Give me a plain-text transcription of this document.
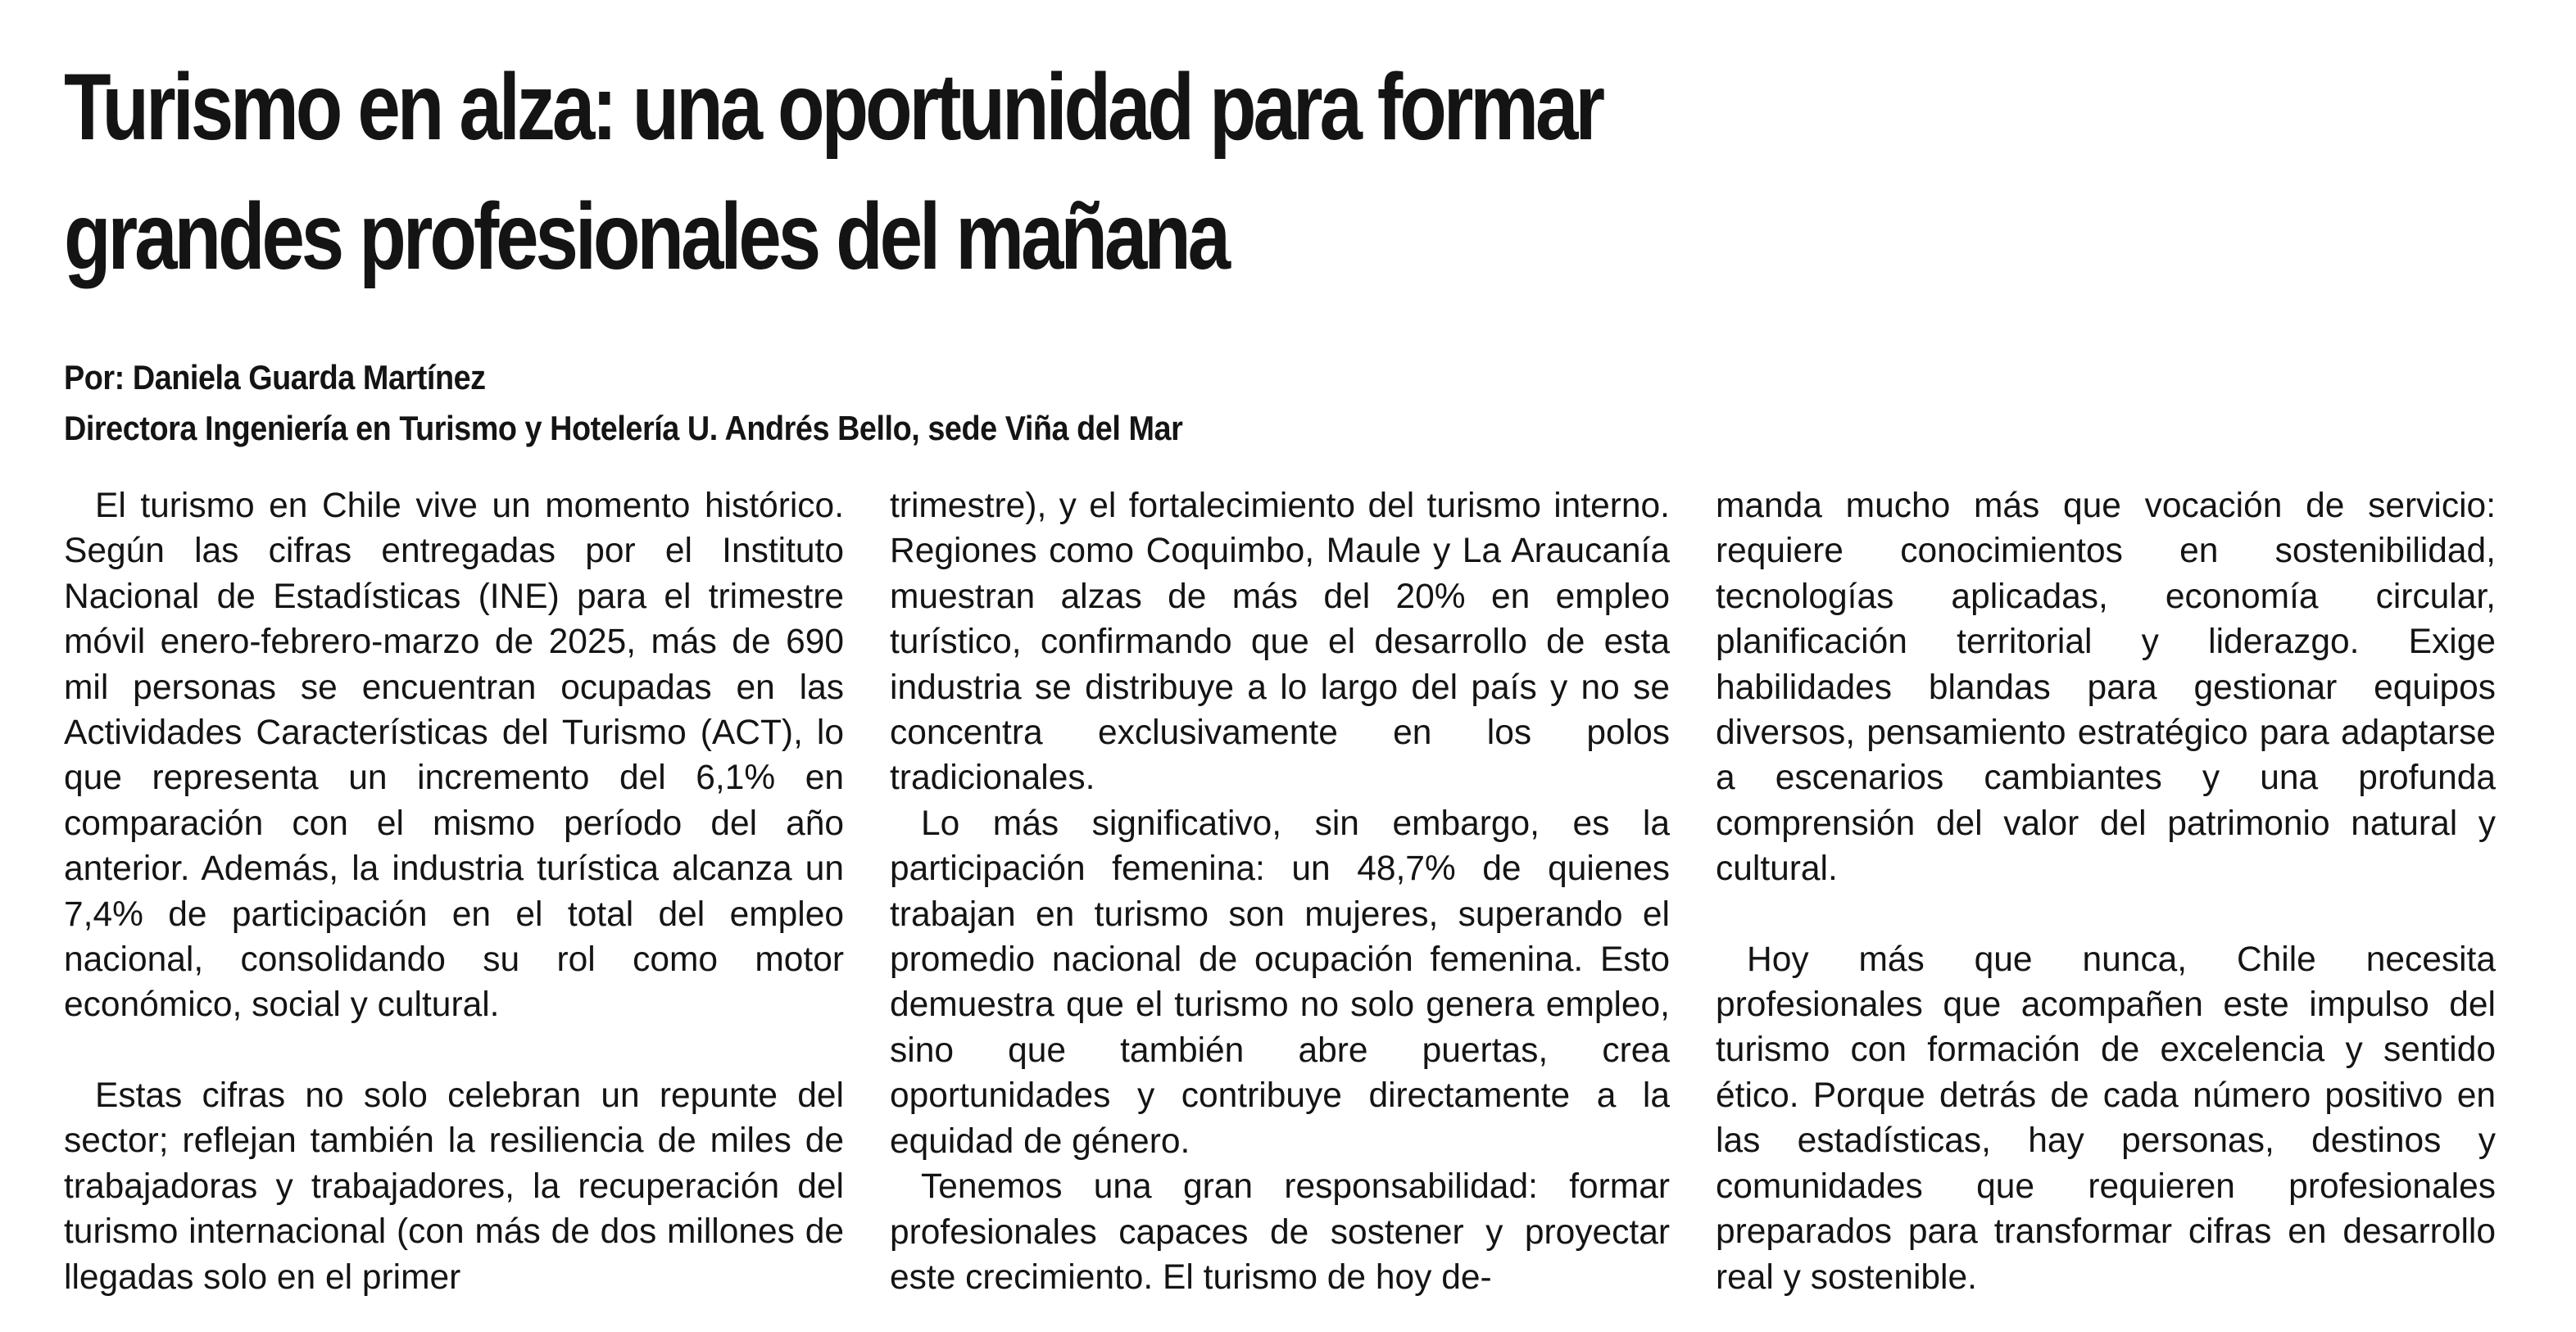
Turismo en alza: una oportunidad para formar grandes profesionales del mañana
Por: Daniela Guarda Martínez
Directora Ingeniería en Turismo y Hotelería U. Andrés Bello, sede Viña del Mar

El turismo en Chile vive un momento histórico. Según las cifras entregadas por el Instituto Nacional de Estadísticas (INE) para el trimestre móvil enero-febrero-marzo de 2025, más de 690 mil personas se encuentran ocupadas en las Actividades Características del Turismo (ACT), lo que representa un incremento del 6,1% en comparación con el mismo período del año anterior. Además, la industria turística alcanza un 7,4% de participación en el total del empleo nacional, consolidando su rol como motor económico, social y cultural.

Estas cifras no solo celebran un repunte del sector; reflejan también la resiliencia de miles de trabajadoras y trabajadores, la recuperación del turismo internacional (con más de dos millones de llegadas solo en el primer

trimestre), y el fortalecimiento del turismo interno. Regiones como Coquimbo, Maule y La Araucanía muestran alzas de más del 20% en empleo turístico, confirmando que el desarrollo de esta industria se distribuye a lo largo del país y no se concentra exclusivamente en los polos tradicionales.

Lo más significativo, sin embargo, es la participación femenina: un 48,7% de quienes trabajan en turismo son mujeres, superando el promedio nacional de ocupación femenina. Esto demuestra que el turismo no solo genera empleo, sino que también abre puertas, crea oportunidades y contribuye directamente a la equidad de género.

Tenemos una gran responsabilidad: formar profesionales capaces de sostener y proyectar este crecimiento. El turismo de hoy de-

manda mucho más que vocación de servicio: requiere conocimientos en sostenibilidad, tecnologías aplicadas, economía circular, planificación territorial y liderazgo. Exige habilidades blandas para gestionar equipos diversos, pensamiento estratégico para adaptarse a escenarios cambiantes y una profunda comprensión del valor del patrimonio natural y cultural.

Hoy más que nunca, Chile necesita profesionales que acompañen este impulso del turismo con formación de excelencia y sentido ético. Porque detrás de cada número positivo en las estadísticas, hay personas, destinos y comunidades que requieren profesionales preparados para transformar cifras en desarrollo real y sostenible.
